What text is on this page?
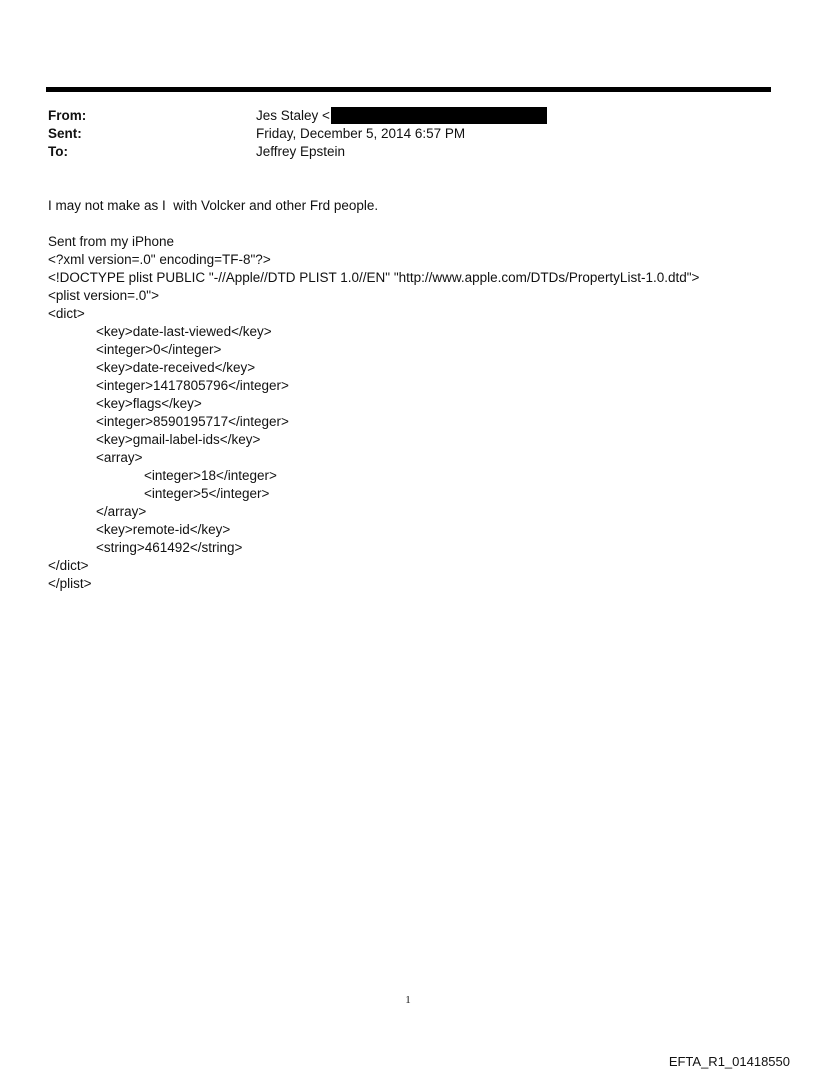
From:	Jes Staley <
Sent:	Friday, December 5, 2014 6:57 PM
To:	Jeffrey Epstein
I may not make as I  with Volcker and other Frd people.
Sent from my iPhone
<?xml version=.0" encoding=TF-8"?>
<!DOCTYPE plist PUBLIC "-//Apple//DTD PLIST 1.0//EN" "http://www.apple.com/DTDs/PropertyList-1.0.dtd">
<plist version=.0">
<dict>
<key>date-last-viewed</key>
<integer>0</integer>
<key>date-received</key>
<integer>1417805796</integer>
<key>flags</key>
<integer>8590195717</integer>
<key>gmail-label-ids</key>
<array>
<integer>18</integer>
<integer>5</integer>
</array>
<key>remote-id</key>
<string>461492</string>
</dict>
</plist>
1
EFTA_R1_01418550
